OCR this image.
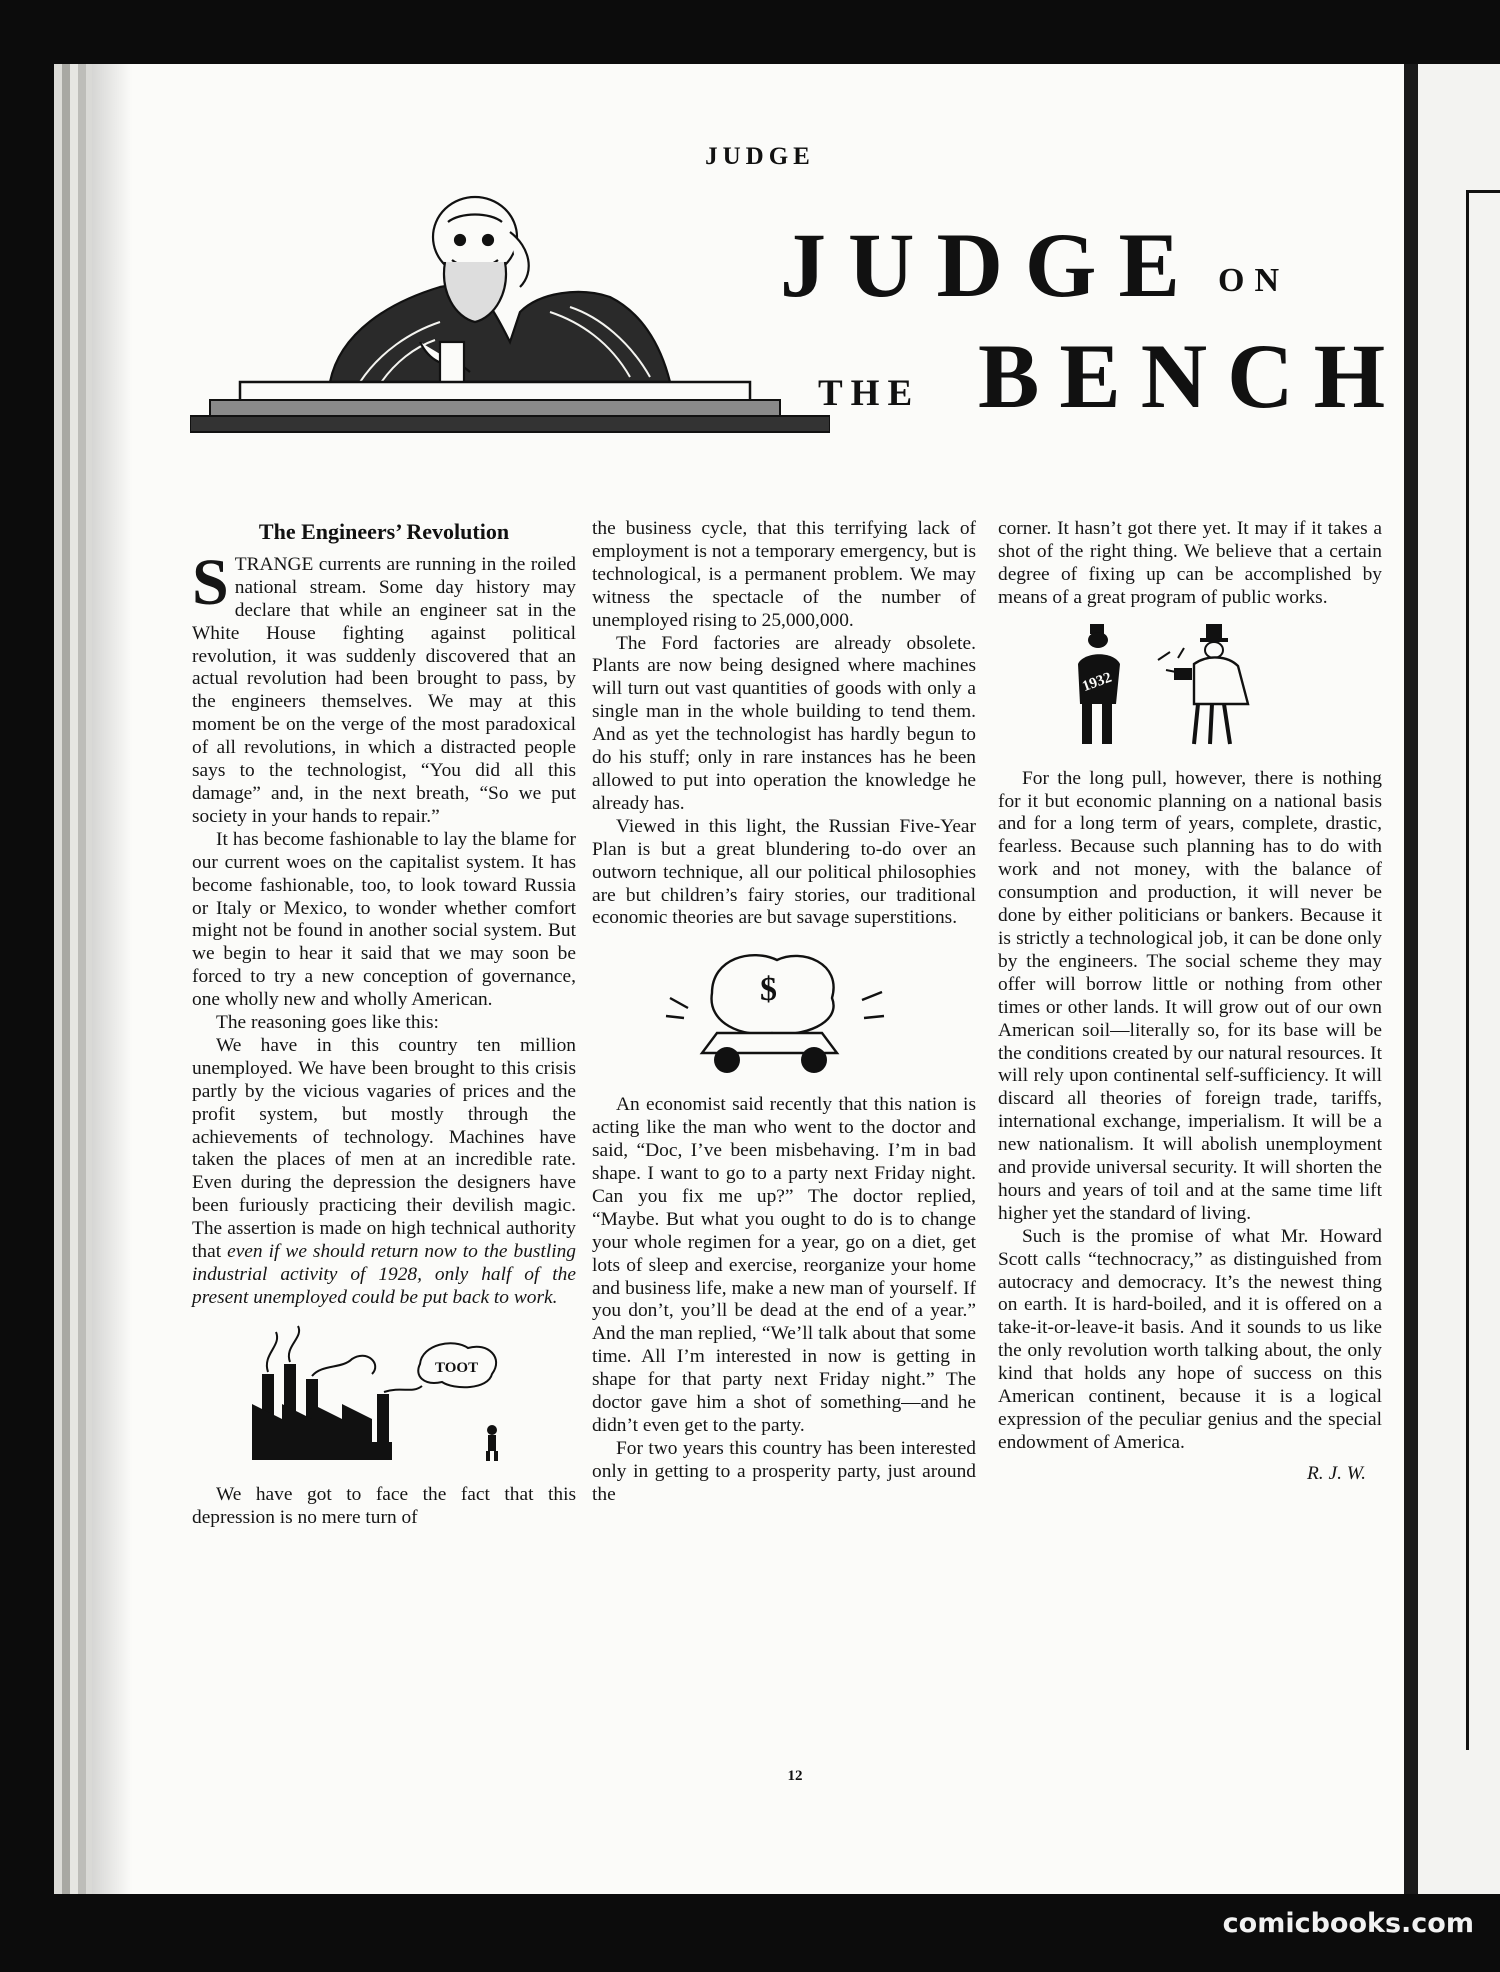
JUDGE
JUDGE ON
THE BENCH
The Engineers’ Revolution

STRANGE currents are running in the roiled national stream. Some day history may declare that while an engineer sat in the White House fighting against political revolution, it was suddenly discovered that an actual revolution had been brought to pass, by the engineers themselves. We may at this moment be on the verge of the most paradoxical of all revolutions, in which a distracted people says to the technologist, “You did all this damage” and, in the next breath, “So we put society in your hands to repair.”

It has become fashionable to lay the blame for our current woes on the capitalist system. It has become fashionable, too, to look toward Russia or Italy or Mexico, to wonder whether comfort might not be found in another social system. But we begin to hear it said that we may soon be forced to try a new conception of governance, one wholly new and wholly American.

The reasoning goes like this:

We have in this country ten million unemployed. We have been brought to this crisis partly by the vicious vagaries of prices and the profit system, but mostly through the achievements of technology. Machines have taken the places of men at an incredible rate. Even during the depression the designers have been furiously practicing their devilish magic. The assertion is made on high technical authority that even if we should return now to the bustling industrial activity of 1928, only half of the present unemployed could be put back to work.

TOOT

We have got to face the fact that this depression is no mere turn of

the business cycle, that this terrifying lack of employment is not a temporary emergency, but is technological, is a permanent problem. We may witness the spectacle of the number of unemployed rising to 25,000,000.

The Ford factories are already obsolete. Plants are now being designed where machines will turn out vast quantities of goods with only a single man in the whole building to tend them. And as yet the technologist has hardly begun to do his stuff; only in rare instances has he been allowed to put into operation the knowledge he already has.

Viewed in this light, the Russian Five-Year Plan is but a great blundering to-do over an outworn technique, all our political philosophies are but children’s fairy stories, our traditional economic theories are but savage superstitions.

$

An economist said recently that this nation is acting like the man who went to the doctor and said, “Doc, I’ve been misbehaving. I’m in bad shape. I want to go to a party next Friday night. Can you fix me up?” The doctor replied, “Maybe. But what you ought to do is to change your whole regimen for a year, go on a diet, get lots of sleep and exercise, reorganize your home and business life, make a new man of yourself. If you don’t, you’ll be dead at the end of a year.” And the man replied, “We’ll talk about that some time. All I’m interested in now is getting in shape for that party next Friday night.” The doctor gave him a shot of something—and he didn’t even get to the party.

For two years this country has been interested only in getting to a prosperity party, just around the

corner. It hasn’t got there yet. It may if it takes a shot of the right thing. We believe that a certain degree of fixing up can be accomplished by means of a great program of public works.

1932

For the long pull, however, there is nothing for it but economic planning on a national basis and for a long term of years, complete, drastic, fearless. Because such planning has to do with work and not money, with the balance of consumption and production, it will never be done by either politicians or bankers. Because it is strictly a technological job, it can be done only by the engineers. The social scheme they may offer will borrow little or nothing from other times or other lands. It will grow out of our own American soil—literally so, for its base will be the conditions created by our natural resources. It will rely upon continental self-sufficiency. It will discard all theories of foreign trade, tariffs, international exchange, imperialism. It will be a new nationalism. It will abolish unemployment and provide universal security. It will shorten the hours and years of toil and at the same time lift higher yet the standard of living.

Such is the promise of what Mr. Howard Scott calls “technocracy,” as distinguished from autocracy and democracy. It’s the newest thing on earth. It is hard-boiled, and it is offered on a take-it-or-leave-it basis. And it sounds to us like the only revolution worth talking about, the only kind that holds any hope of success on this American continent, because it is a logical expression of the peculiar genius and the special endowment of America.

R. J. W.
12
comicbooks.com
